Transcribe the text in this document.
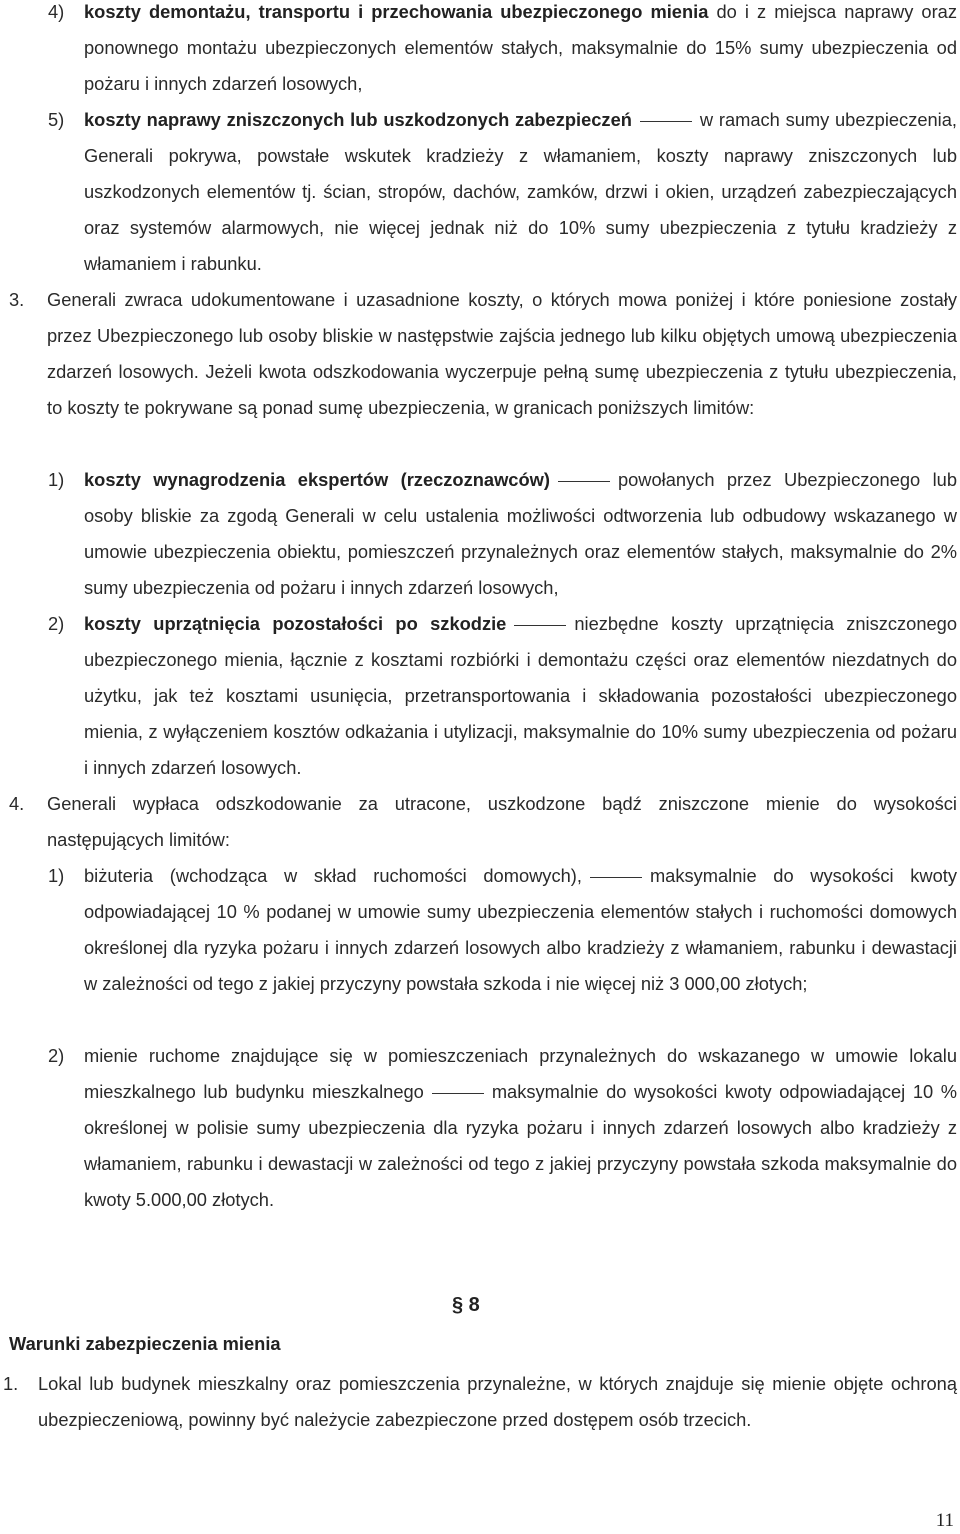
4) koszty demontażu, transportu i przechowania ubezpieczonego mienia do i z miejsca naprawy oraz ponownego montażu ubezpieczonych elementów stałych, maksymalnie do 15% sumy ubezpieczenia od pożaru i innych zdarzeń losowych,

5) koszty naprawy zniszczonych lub uszkodzonych zabezpieczeń	w ramach sumy ubezpieczenia, Generali pokrywa, powstałe wskutek kradzieży z włamaniem, koszty naprawy zniszczonych lub uszkodzonych elementów tj. ścian, stropów, dachów, zamków, drzwi i okien, urządzeń zabezpieczających oraz systemów alarmowych, nie więcej jednak niż do 10% sumy ubezpieczenia z tytułu kradzieży z włamaniem i rabunku.

3. Generali zwraca udokumentowane i uzasadnione koszty, o których mowa poniżej i które poniesione zostały przez Ubezpieczonego lub osoby bliskie w następstwie zajścia jednego lub kilku objętych umową ubezpieczenia zdarzeń losowych. Jeżeli kwota odszkodowania wyczerpuje pełną sumę ubezpieczenia z tytułu ubezpieczenia, to koszty te pokrywane są ponad sumę ubezpieczenia, w granicach poniższych limitów:

1) koszty wynagrodzenia ekspertów (rzeczoznawców)	powołanych przez Ubezpieczonego lub osoby bliskie za zgodą Generali w celu ustalenia możliwości odtworzenia lub odbudowy wskazanego w umowie ubezpieczenia obiektu, pomieszczeń przynależnych oraz elementów stałych, maksymalnie do 2% sumy ubezpieczenia od pożaru i innych zdarzeń losowych,

2) koszty uprzątnięcia pozostałości po szkodzie	niezbędne koszty uprzątnięcia zniszczonego ubezpieczonego mienia, łącznie z kosztami rozbiórki i demontażu części oraz elementów niezdatnych do użytku, jak też kosztami usunięcia, przetransportowania i składowania pozostałości ubezpieczonego mienia, z wyłączeniem kosztów odkażania i utylizacji, maksymalnie do 10% sumy ubezpieczenia od pożaru i innych zdarzeń losowych.

4. Generali wypłaca odszkodowanie za utracone, uszkodzone bądź zniszczone mienie do wysokości następujących limitów:

1) biżuteria (wchodząca w skład ruchomości domowych),	maksymalnie do wysokości kwoty odpowiadającej 10 % podanej w umowie sumy ubezpieczenia elementów stałych i ruchomości domowych określonej dla ryzyka pożaru i innych zdarzeń losowych albo kradzieży z włamaniem, rabunku i dewastacji w zależności od tego z jakiej przyczyny powstała szkoda i nie więcej niż 3 000,00 złotych;

2) mienie ruchome znajdujące się w pomieszczeniach przynależnych do wskazanego w umowie lokalu mieszkalnego lub budynku mieszkalnego	maksymalnie do wysokości kwoty odpowiadającej 10 % określonej w polisie sumy ubezpieczenia dla ryzyka pożaru i innych zdarzeń losowych albo kradzieży z włamaniem, rabunku i dewastacji w zależności od tego z jakiej przyczyny powstała szkoda maksymalnie do kwoty 5.000,00 złotych.

§ 8
Warunki zabezpieczenia mienia
1. Lokal lub budynek mieszkalny oraz pomieszczenia przynależne, w których znajduje się mienie objęte ochroną ubezpieczeniową, powinny być należycie zabezpieczone przed dostępem osób trzecich.

11
